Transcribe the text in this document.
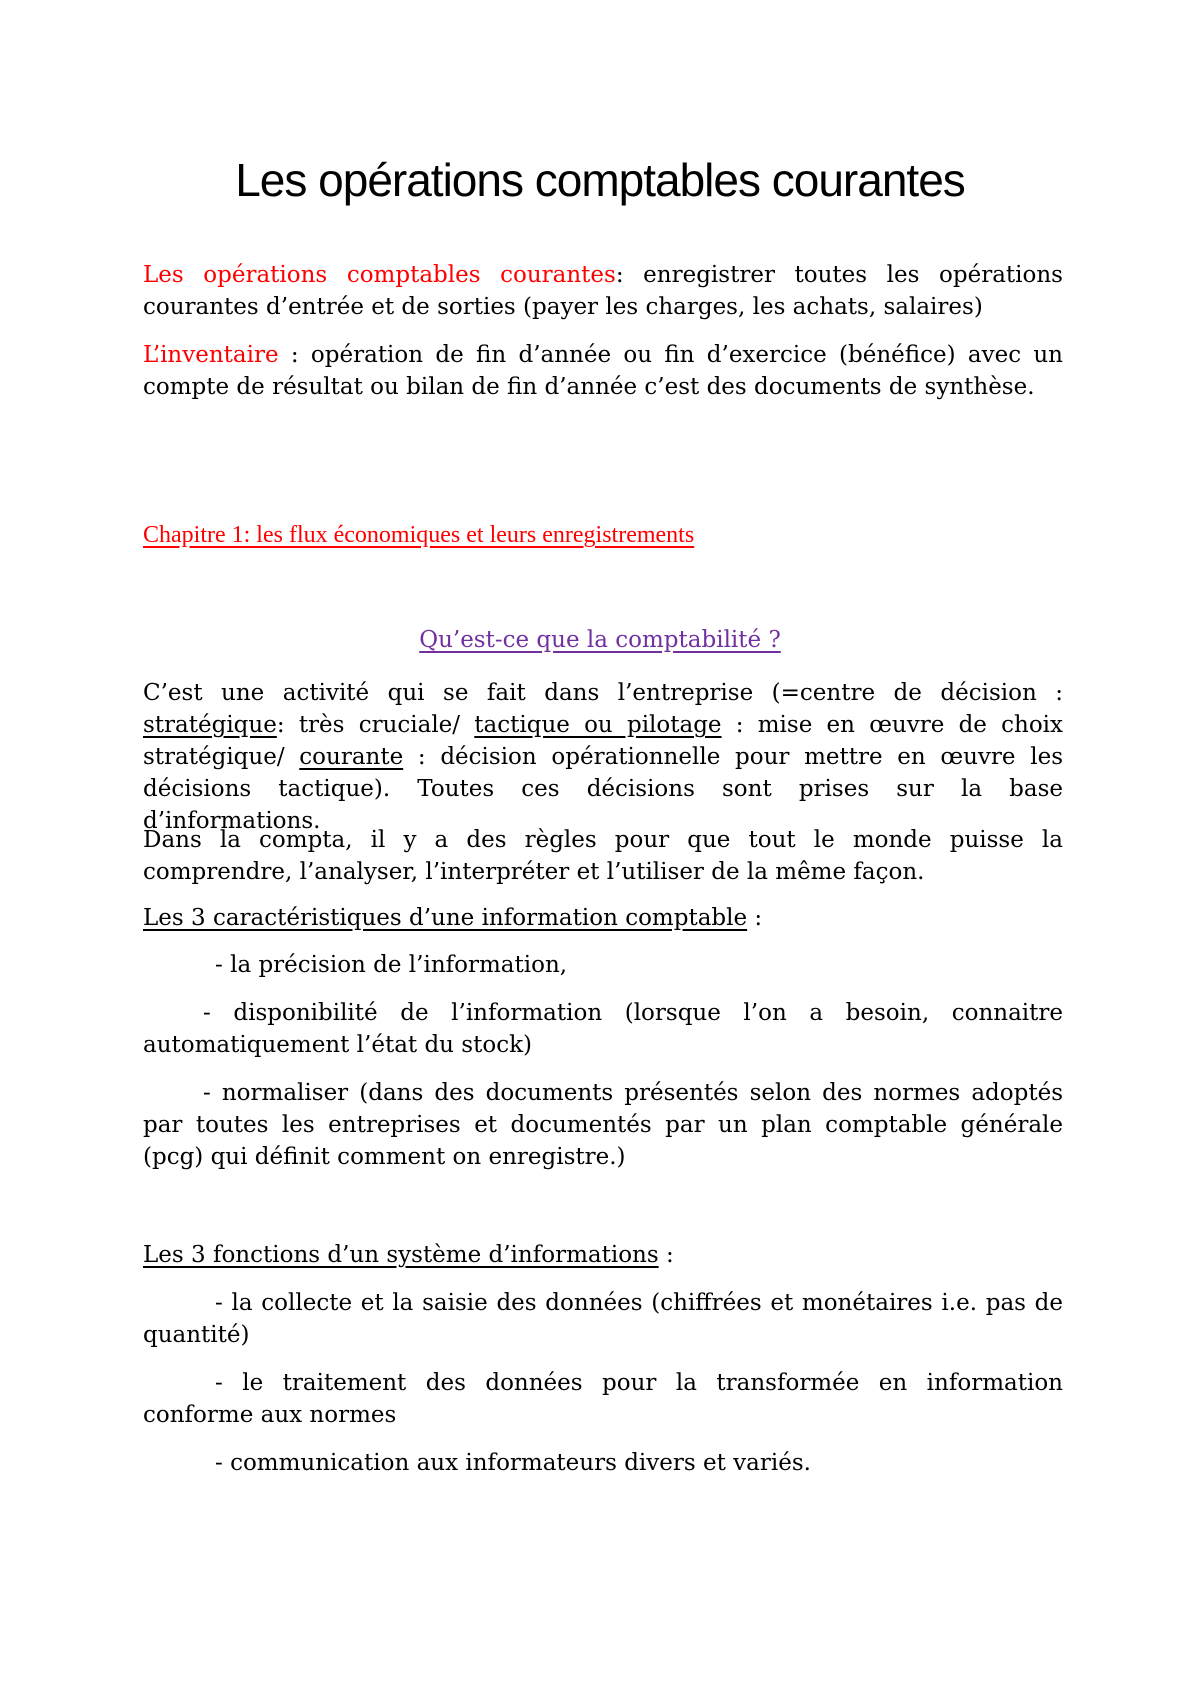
Les opérations comptables courantes
Les opérations comptables courantes: enregistrer toutes les opérations courantes d’entrée et de sorties (payer les charges, les achats, salaires)
L’inventaire : opération de fin d’année ou fin d’exercice (bénéfice) avec un compte de résultat ou bilan de fin d’année c’est des documents de synthèse.
Chapitre 1: les flux économiques et leurs enregistrements
Qu’est-ce que la comptabilité ?
C’est une activité qui se fait dans l’entreprise (=centre de décision : stratégique: très cruciale/ tactique ou pilotage : mise en œuvre de choix stratégique/ courante : décision opérationnelle pour mettre en œuvre les décisions tactique). Toutes ces décisions sont prises sur la base d’informations.
Dans la compta, il y a des règles pour que tout le monde puisse la comprendre, l’analyser, l’interpréter et l’utiliser de la même façon.
Les 3 caractéristiques d’une information comptable :
- la précision de l’information,
- disponibilité de l’information (lorsque l’on a besoin, connaitre automatiquement l’état du stock)
- normaliser (dans des documents présentés selon des normes adoptés par toutes les entreprises et documentés par un plan comptable générale (pcg) qui définit comment on enregistre.)
Les 3 fonctions d’un système d’informations :
- la collecte et la saisie des données (chiffrées et monétaires i.e. pas de quantité)
- le traitement des données pour la transformée en information conforme aux normes
- communication aux informateurs divers et variés.
